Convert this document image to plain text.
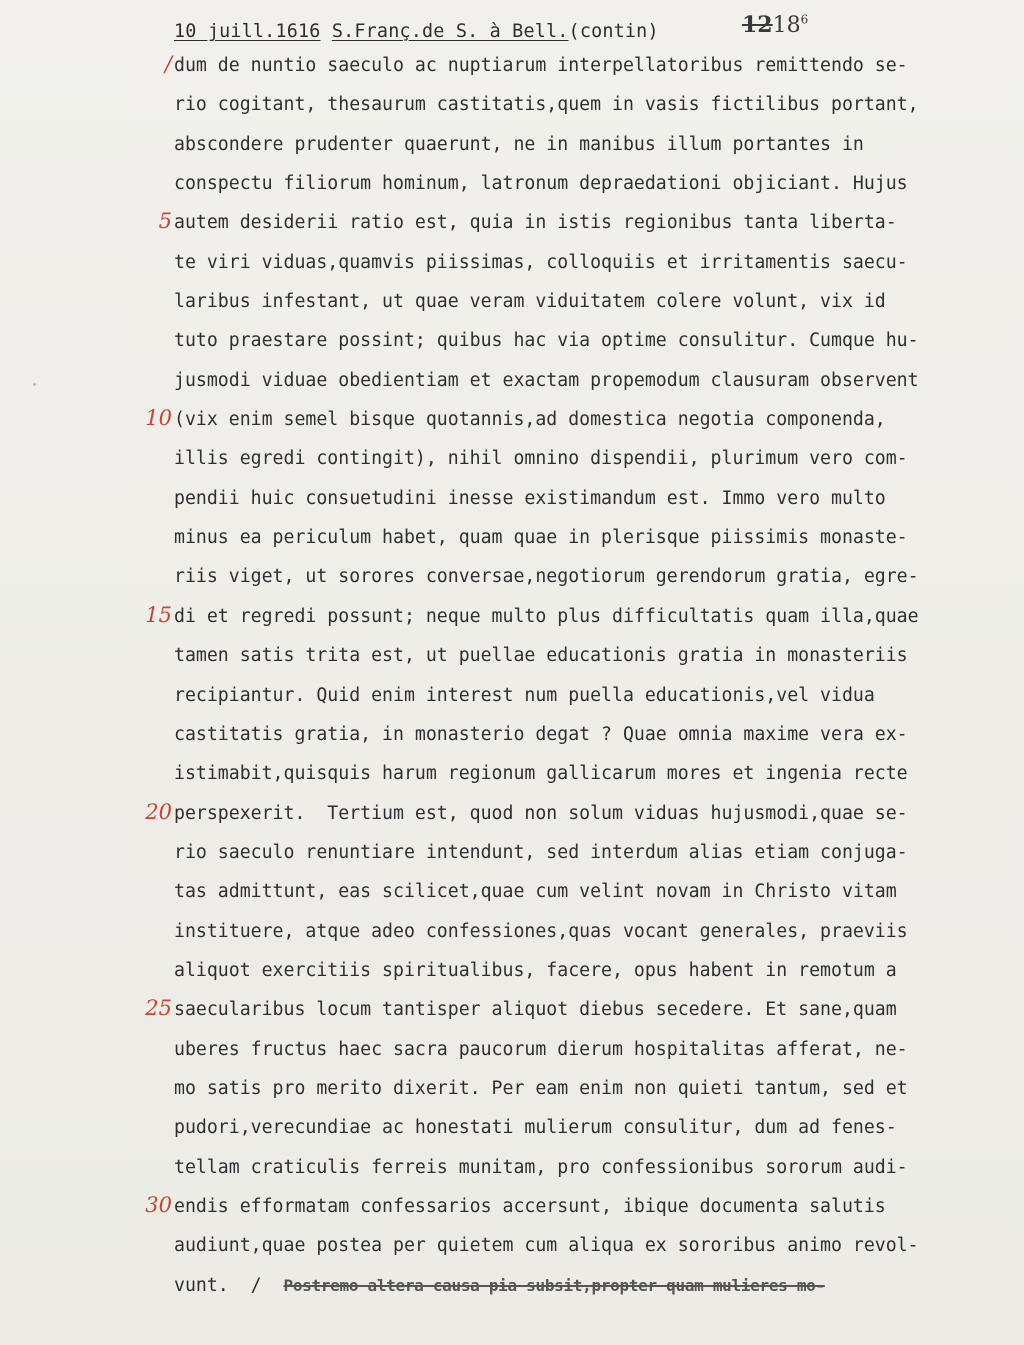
10 juill.1616 S.Franç.de S. à Bell.(contin)	1218$^6$
/ dum de nuntio saeculo ac nuptiarum interpellatoribus remittendo se-
rio cogitant, thesaurum castitatis,quem in vasis fictilibus portant,
abscondere prudenter quaerunt, ne in manibus illum portantes in
conspectu filiorum hominum, latronum depraedationi objiciant. Hujus
5 autem desiderii ratio est, quia in istis regionibus tanta liberta-
te viri viduas,quamvis piissimas, colloquiis et irritamentis saecu-
laribus infestant, ut quae veram viduitatem colere volunt, vix id
tuto praestare possint; quibus hac via optime consulitur. Cumque hu-
jusmodi viduae obedientiam et exactam propemodum clausuram observent
10 (vix enim semel bisque quotannis,ad domestica negotia componenda,
illis egredi contingit), nihil omnino dispendii, plurimum vero com-
pendii huic consuetudini inesse existimandum est. Immo vero multo
minus ea periculum habet, quam quae in plerisque piissimis monaste-
riis viget, ut sorores conversae,negotiorum gerendorum gratia, egre-
15 di et regredi possunt; neque multo plus difficultatis quam illa,quae
tamen satis trita est, ut puellae educationis gratia in monasteriis
recipiantur. Quid enim interest num puella educationis,vel vidua
castitatis gratia, in monasterio degat ? Quae omnia maxime vera ex-
istimabit,quisquis harum regionum gallicarum mores et ingenia recte
20 perspexerit.  Tertium est, quod non solum viduas hujusmodi,quae se-
rio saeculo renuntiare intendunt, sed interdum alias etiam conjuga-
tas admittunt, eas scilicet,quae cum velint novam in Christo vitam
instituere, atque adeo confessiones,quas vocant generales, praeviis
aliquot exercitiis spiritualibus, facere, opus habent in remotum a
25 saecularibus locum tantisper aliquot diebus secedere. Et sane,quam
uberes fructus haec sacra paucorum dierum hospitalitas afferat, ne-
mo satis pro merito dixerit. Per eam enim non quieti tantum, sed et
pudori,verecundiae ac honestati mulierum consulitur, dum ad fenes-
tellam craticulis ferreis munitam, pro confessionibus sororum audi-
30 endis efformatam confessarios accersunt, ibique documenta salutis
audiunt,quae postea per quietem cum aliqua ex sororibus animo revol-
vunt. / Postremo altera causa pia subsit,propter quam mulieres mo-
